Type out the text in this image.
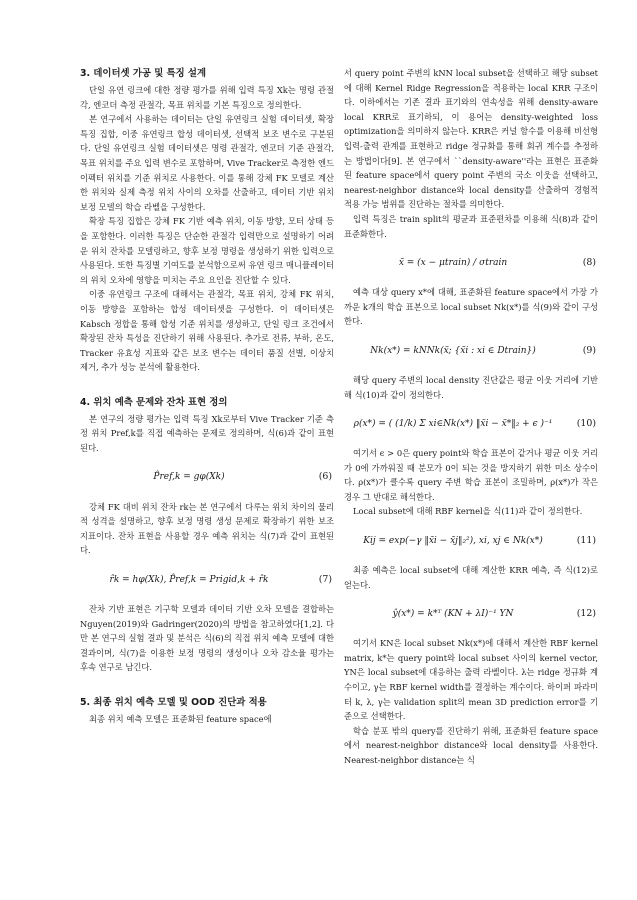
3. 데이터셋 가공 및 특징 설계

단일 유연 링크에 대한 정량 평가를 위해 입력 특징 Xk는 명령 관절각, 엔코더 측정 관절각, 목표 위치를 기본 특징으로 정의한다.

본 연구에서 사용하는 데이터는 단일 유연링크 실험 데이터셋, 확장 특징 집합, 이중 유연링크 합성 데이터셋, 선택적 보조 변수로 구분된다. 단일 유연링크 실험 데이터셋은 명령 관절각, 엔코더 기준 관절각, 목표 위치를 주요 입력 변수로 포함하며, Vive Tracker로 측정한 엔드이펙터 위치를 기준 위치로 사용한다. 이를 통해 강체 FK 모델로 계산한 위치와 실제 측정 위치 사이의 오차를 산출하고, 데이터 기반 위치 보정 모델의 학습 라벨을 구성한다.

확장 특징 집합은 강체 FK 기반 예측 위치, 이동 방향, 모터 상태 등을 포함한다. 이러한 특징은 단순한 관절각 입력만으로 설명하기 어려운 위치 잔차를 모델링하고, 향후 보정 명령을 생성하기 위한 입력으로 사용된다. 또한 특징별 기여도를 분석함으로써 유연 링크 매니퓰레이터의 위치 오차에 영향을 미치는 주요 요인을 진단할 수 있다.

이중 유연링크 구조에 대해서는 관절각, 목표 위치, 강체 FK 위치, 이동 방향을 포함하는 합성 데이터셋을 구성한다. 이 데이터셋은 Kabsch 정합을 통해 합성 기준 위치를 생성하고, 단일 링크 조건에서 확장된 잔차 특성을 진단하기 위해 사용된다. 추가로 전류, 부하, 온도, Tracker 유효성 지표와 같은 보조 변수는 데이터 품질 선별, 이상치 제거, 추가 성능 분석에 활용한다.

4. 위치 예측 문제와 잔차 표현 정의

본 연구의 정량 평가는 입력 특징 Xk로부터 Vive Tracker 기준 측정 위치 Pref,k를 직접 예측하는 문제로 정의하며, 식(6)과 같이 표현된다.

P̂ref,k = gφ(Xk)	(6)

강체 FK 대비 위치 잔차 rk는 본 연구에서 다루는 위치 차이의 물리적 성격을 설명하고, 향후 보정 명령 생성 문제로 확장하기 위한 보조 지표이다. 잔차 표현을 사용할 경우 예측 위치는 식(7)과 같이 표현된다.

r̂k = hφ(Xk), P̂ref,k = Prigid,k + r̂k	(7)

잔차 기반 표현은 기구학 모델과 데이터 기반 오차 모델을 결합하는 Nguyen(2019)와 Gadringer(2020)의 방법을 참고하였다[1,2]. 다만 본 연구의 실험 결과 및 분석은 식(6)의 직접 위치 예측 모델에 대한 결과이며, 식(7)을 이용한 보정 명령의 생성이나 오차 감소율 평가는 후속 연구로 남긴다.

5. 최종 위치 예측 모델 및 OOD 진단과 적용

최종 위치 예측 모델은 표준화된 feature space에

서 query point 주변의 kNN local subset을 선택하고 해당 subset에 대해 Kernel Ridge Regression을 적용하는 local KRR 구조이다. 이하에서는 기존 결과 표기와의 연속성을 위해 density-aware local KRR로 표기하되, 이 용어는 density-weighted loss optimization을 의미하지 않는다. KRR은 커널 함수를 이용해 비선형 입력-출력 관계를 표현하고 ridge 정규화를 통해 회귀 계수를 추정하는 방법이다[9]. 본 연구에서 ``density-aware''라는 표현은 표준화된 feature space에서 query point 주변의 국소 이웃을 선택하고, nearest-neighbor distance와 local density를 산출하여 경험적 적용 가능 범위를 진단하는 절차를 의미한다.

입력 특징은 train split의 평균과 표준편차를 이용해 식(8)과 같이 표준화한다.

x̃ = (x − μtrain) / σtrain	(8)

예측 대상 query x*에 대해, 표준화된 feature space에서 가장 가까운 k개의 학습 표본으로 local subset Nk(x*)를 식(9)와 같이 구성한다.

Nk(x*) = kNNk(x̃; {x̃i : xi ∈ Dtrain})	(9)

해당 query 주변의 local density 진단값은 평균 이웃 거리에 기반해 식(10)과 같이 정의한다.

ρ(x*) = ( (1/k) Σ xi∈Nk(x*) ‖x̃i − x̃*‖₂ + ϵ )⁻¹	(10)

여기서 ϵ > 0은 query point와 학습 표본이 같거나 평균 이웃 거리가 0에 가까워질 때 분모가 0이 되는 것을 방지하기 위한 미소 상수이다. ρ(x*)가 클수록 query 주변 학습 표본이 조밀하며, ρ(x*)가 작은 경우 그 반대로 해석한다.

Local subset에 대해 RBF kernel을 식(11)과 같이 정의한다.

Kij = exp(−γ ‖x̃i − x̃j‖₂²), xi, xj ∈ Nk(x*)	(11)

최종 예측은 local subset에 대해 계산한 KRR 예측, 즉 식(12)로 얻는다.

ŷ(x*) = k*ᵀ (KN + λI)⁻¹ YN	(12)

여기서 KN은 local subset Nk(x*)에 대해서 계산한 RBF kernel matrix, k*는 query point와 local subset 사이의 kernel vector, YN은 local subset에 대응하는 출력 라벨이다. λ는 ridge 정규화 계수이고, γ는 RBF kernel width를 결정하는 계수이다. 하이퍼 파라미터 k, λ, γ는 validation split의 mean 3D prediction error를 기준으로 선택한다.

학습 분포 밖의 query를 진단하기 위해, 표준화된 feature space에서 nearest-neighbor distance와 local density를 사용한다. Nearest-neighbor distance는 식
